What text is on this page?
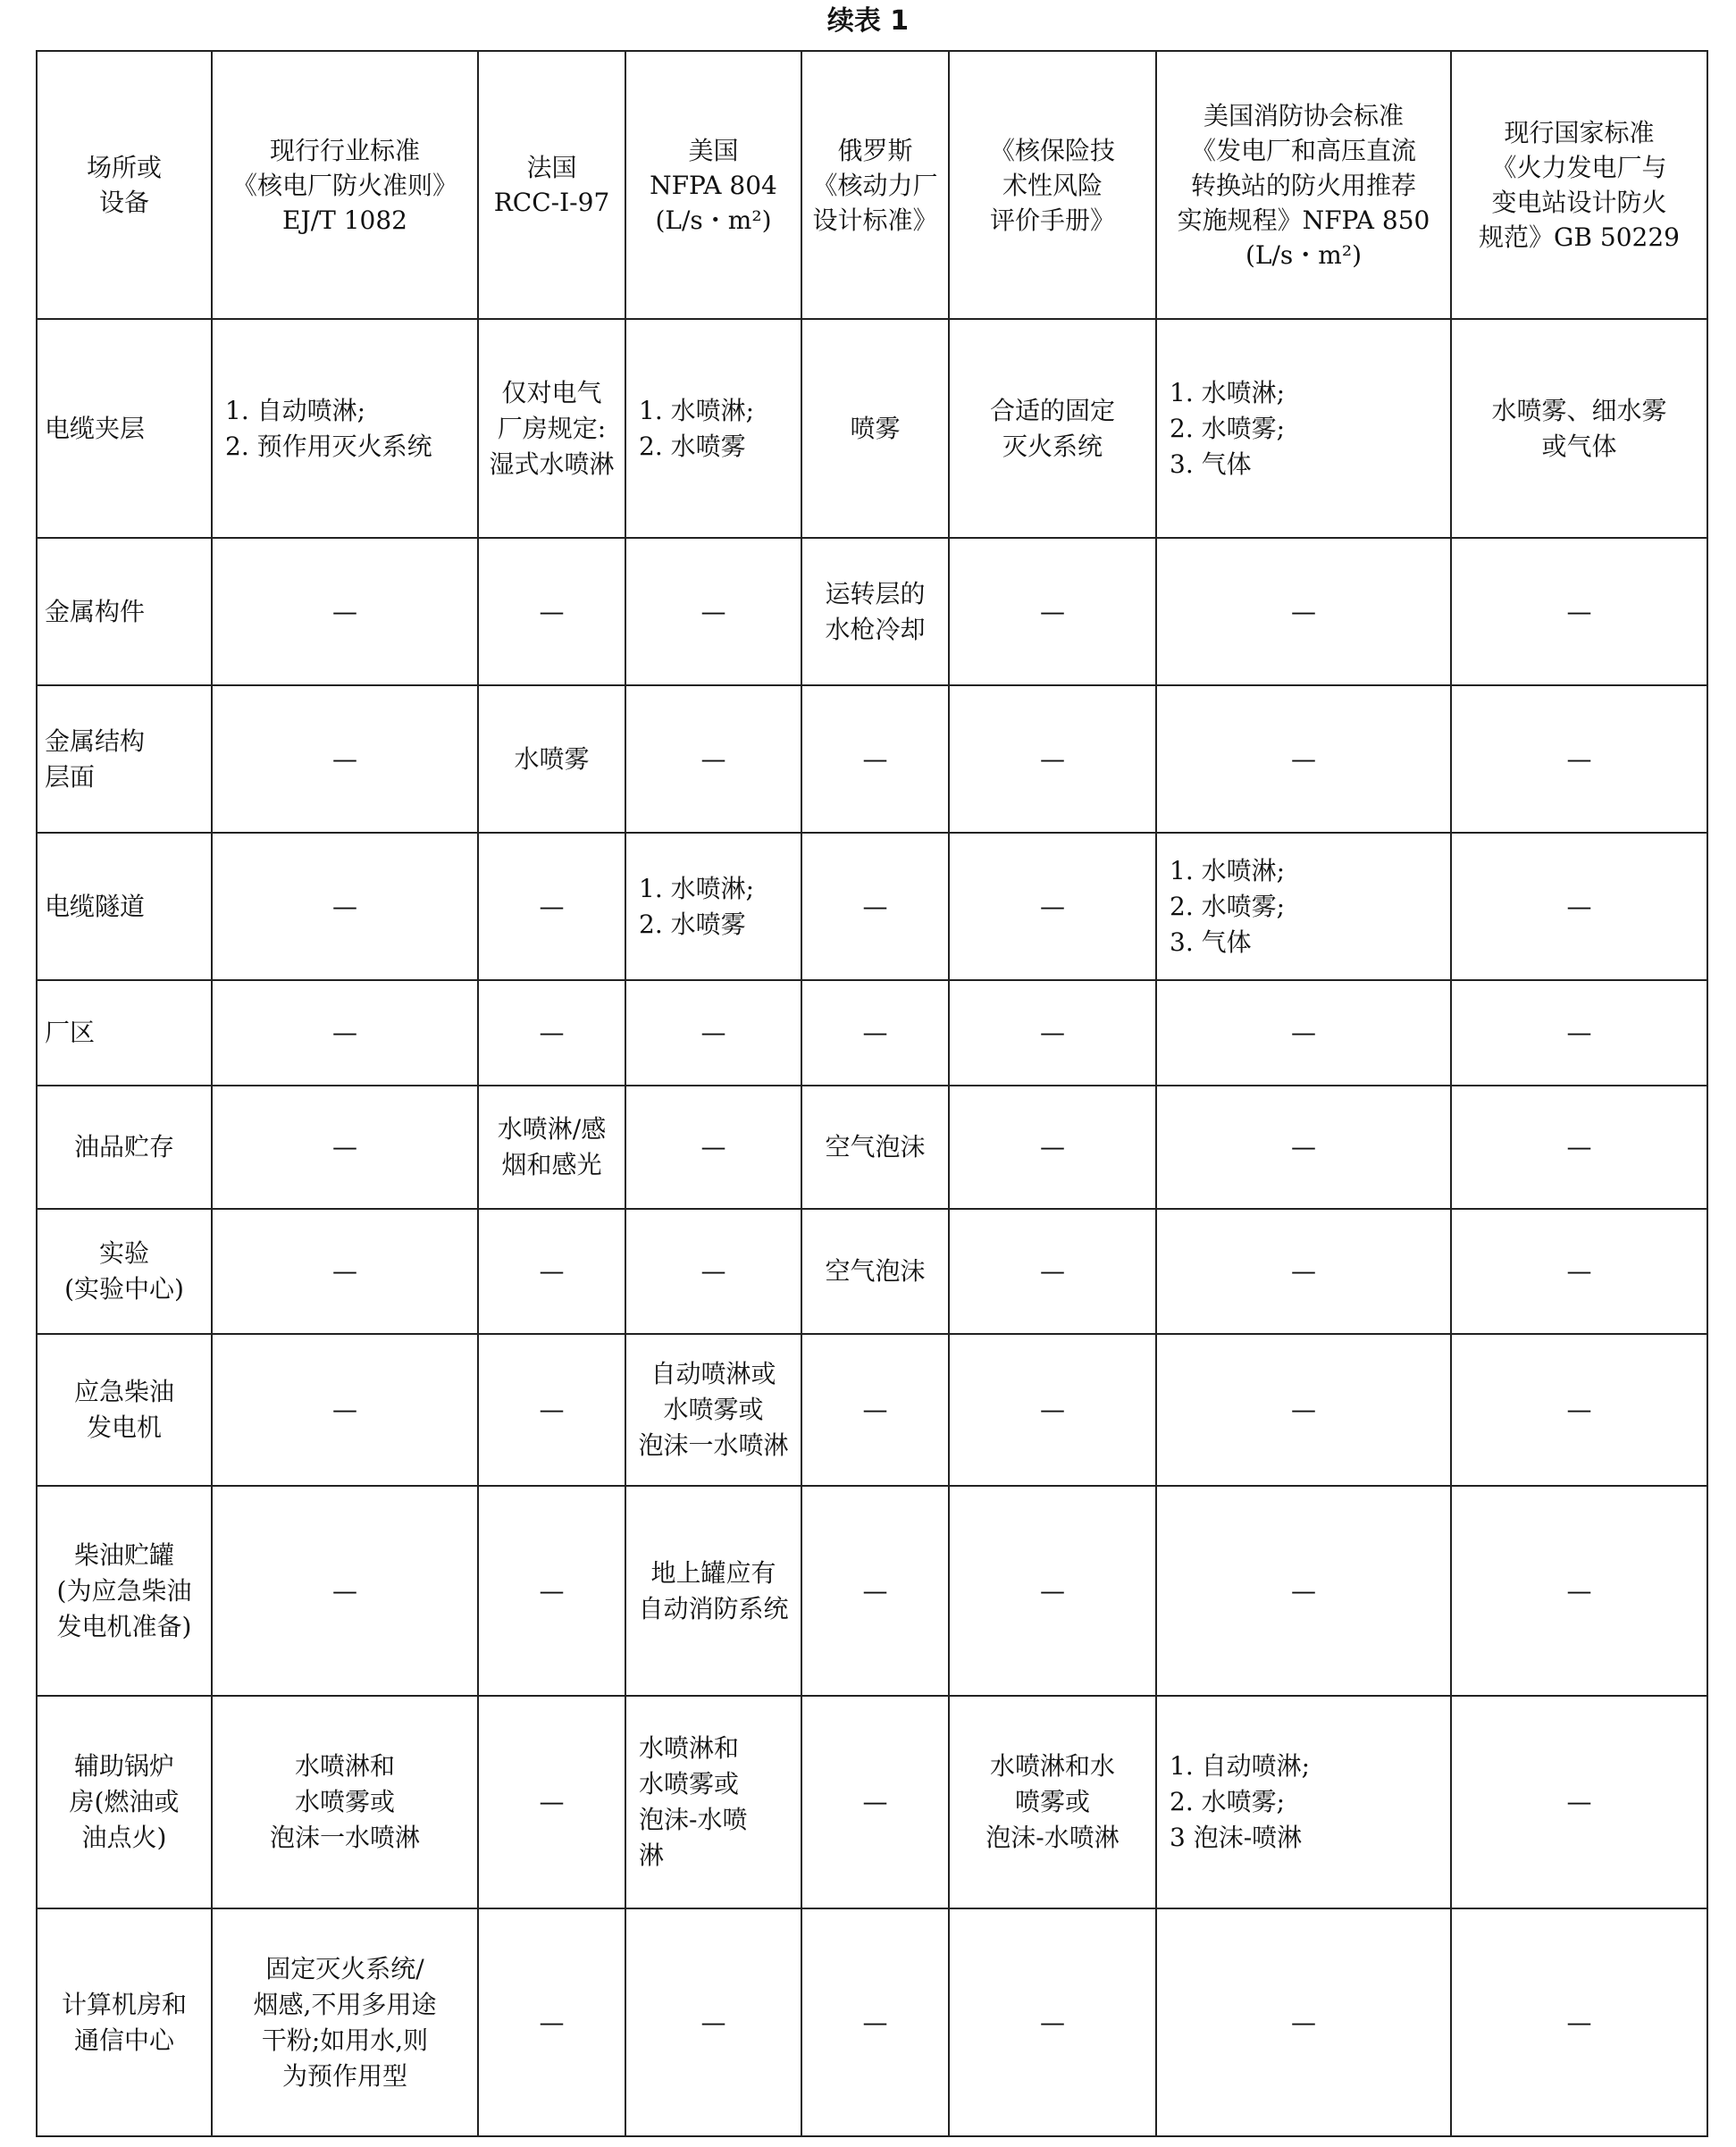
续表 1
场所或
设备	现行行业标准
《核电厂防火准则》
EJ/T 1082	法国
RCC-I-97	美国
NFPA 804
(L/s・m²)	俄罗斯
《核动力厂
设计标准》	《核保险技
术性风险
评价手册》	美国消防协会标准
《发电厂和高压直流
转换站的防火用推荐
实施规程》NFPA 850
(L/s・m²)	现行国家标准
《火力发电厂与
变电站设计防火
规范》GB 50229
电缆夹层	1. 自动喷淋;
2. 预作用灭火系统	仅对电气
厂房规定:
湿式水喷淋	1. 水喷淋;
2. 水喷雾	喷雾	合适的固定
灭火系统	1. 水喷淋;
2. 水喷雾;
3. 气体	水喷雾、细水雾
或气体
金属构件	—	—	—	运转层的
水枪冷却	—	—	—
金属结构
层面	—	水喷雾	—	—	—	—	—
电缆隧道	—	—	1. 水喷淋;
2. 水喷雾	—	—	1. 水喷淋;
2. 水喷雾;
3. 气体	—
厂区	—	—	—	—	—	—	—
油品贮存	—	水喷淋/感
烟和感光	—	空气泡沫	—	—	—
实验
(实验中心)	—	—	—	空气泡沫	—	—	—
应急柴油
发电机	—	—	自动喷淋或
水喷雾或
泡沫一水喷淋	—	—	—	—
柴油贮罐
(为应急柴油
发电机准备)	—	—	地上罐应有
自动消防系统	—	—	—	—
辅助锅炉
房(燃油或
油点火)	水喷淋和
水喷雾或
泡沫一水喷淋	—	水喷淋和
水喷雾或
泡沫-水喷
淋	—	水喷淋和水
喷雾或
泡沫-水喷淋	1. 自动喷淋;
2. 水喷雾;
3 泡沫-喷淋	—
计算机房和
通信中心	固定灭火系统/
烟感,不用多用途
干粉;如用水,则
为预作用型	—	—	—	—	—	—
